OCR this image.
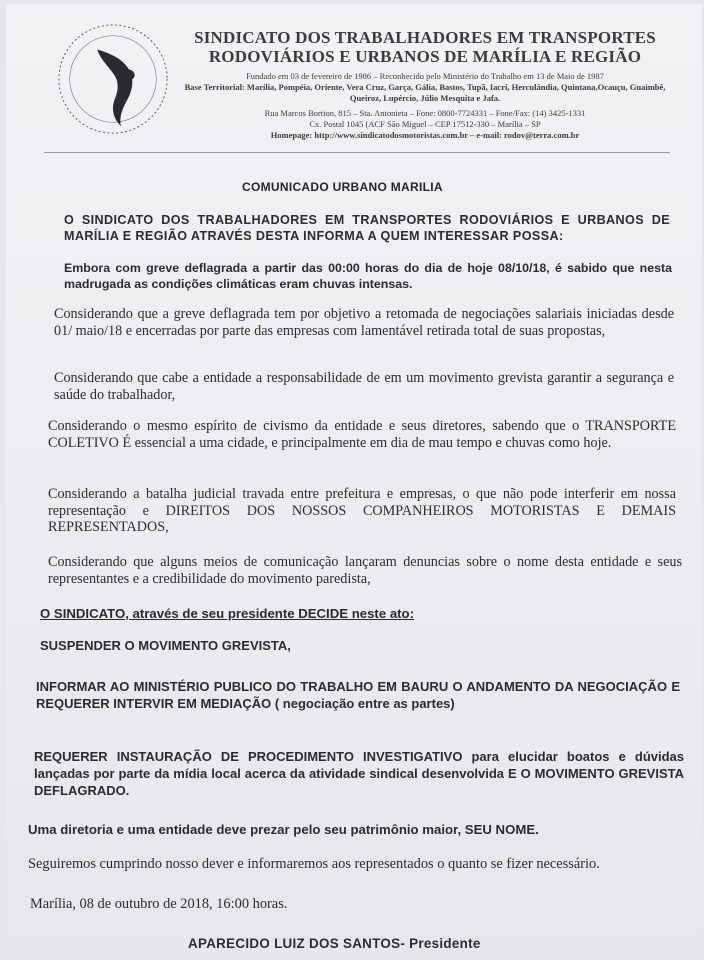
SINDICATO DOS TRABALHADORES EM TRANSPORTES
RODOVIÁRIOS E URBANOS DE MARÍLIA E REGIÃO
Fundado em 03 de fevereiro de 1986 – Reconhecido pelo Ministério do Trabalho em 13 de Maio de 1987
Base Territorial: Marília, Pompéia, Oriente, Vera Cruz, Garça, Gália, Bastos, Tupã, Iacri, Herculândia, Quintana,Ocauçu, Guaimbê, Queiroz, Lupércio, Júlio Mesquita e Jafa.
Rua Marcos Bortion, 815 – Sta. Antonieta – Fone: 0800-7724331 – Fone/Fax: (14) 3425-1331
Cx. Postal 1045 (ACF São Miguel – CEP 17512-330 – Marília – SP
Homepage: http://www.sindicatodosmotoristas.com.br – e-mail: rodov@terra.com.br
COMUNICADO URBANO MARILIA
O SINDICATO DOS TRABALHADORES EM TRANSPORTES RODOVIÁRIOS E URBANOS DE MARÍLIA E REGIÃO ATRAVÉS DESTA INFORMA A QUEM INTERESSAR POSSA:
Embora com greve deflagrada a partir das 00:00 horas do dia de hoje 08/10/18, é sabido que nesta madrugada as condições climáticas eram chuvas intensas.
Considerando que a greve deflagrada tem por objetivo a retomada de negociações salariais iniciadas desde 01/ maio/18 e encerradas por parte das empresas com lamentável retirada total de suas propostas,
Considerando que cabe a entidade a responsabilidade de em um movimento grevista garantir a segurança e saúde do trabalhador,
Considerando o mesmo espírito de civismo da entidade e seus diretores, sabendo que o TRANSPORTE COLETIVO É essencial a uma cidade, e principalmente em dia de mau tempo e chuvas como hoje.
Considerando a batalha judicial travada entre prefeitura e empresas, o que não pode interferir em nossa representação e DIREITOS DOS NOSSOS COMPANHEIROS MOTORISTAS E DEMAIS REPRESENTADOS,
Considerando que alguns meios de comunicação lançaram denuncias sobre o nome desta entidade e seus representantes e a credibilidade do movimento paredista,
O SINDICATO, através de seu presidente DECIDE neste ato:
SUSPENDER O MOVIMENTO GREVISTA,
INFORMAR AO MINISTÉRIO PUBLICO DO TRABALHO EM BAURU O ANDAMENTO DA NEGOCIAÇÃO E REQUERER INTERVIR EM MEDIAÇÃO ( negociação entre as partes)
REQUERER INSTAURAÇÃO DE PROCEDIMENTO INVESTIGATIVO para elucidar boatos e dúvidas lançadas por parte da mídia local acerca da atividade sindical desenvolvida E O MOVIMENTO GREVISTA DEFLAGRADO.
Uma diretoria e uma entidade deve prezar pelo seu patrimônio maior, SEU NOME.
Seguiremos cumprindo nosso dever e informaremos aos representados o quanto se fizer necessário.
Marília, 08 de outubro de 2018, 16:00 horas.
APARECIDO LUIZ DOS SANTOS- Presidente
